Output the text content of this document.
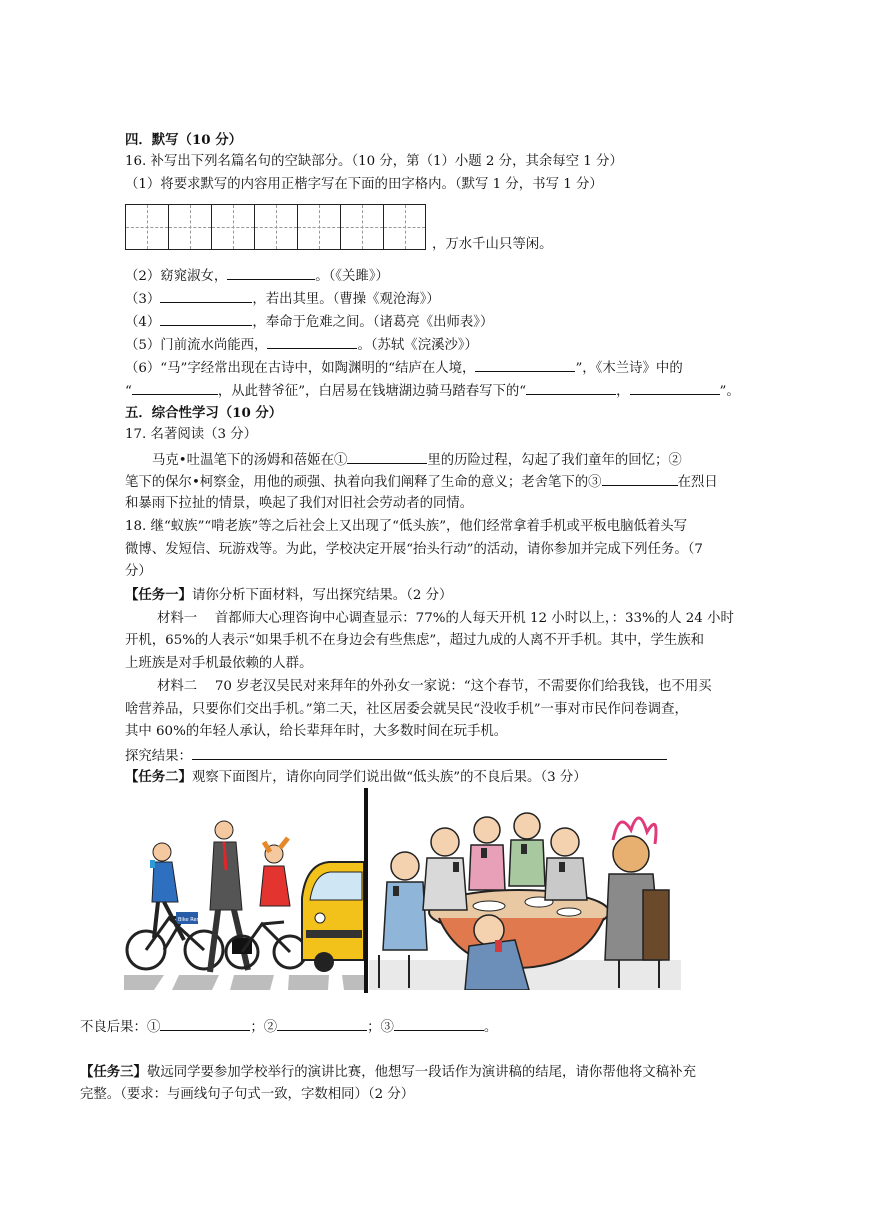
四．默写（10 分）
16. 补写出下列名篇名句的空缺部分。（10 分，第（1）小题 2 分，其余每空 1 分）
（1）将要求默写的内容用正楷字写在下面的田字格内。（默写 1 分，书写 1 分）
，万水千山只等闲。
（2）窈窕淑女，	。（《关雎》）
（3）	，若出其里。（曹操《观沧海》）
（4）	，奉命于危难之间。（诸葛亮《出师表》）
（5）门前流水尚能西，	。（苏轼《浣溪沙》）
（6）“马”字经常出现在古诗中，如陶渊明的“结庐在人境，	”，《木兰诗》中的
“	，从此替爷征”，白居易在钱塘湖边骑马踏春写下的“	，	”。
五．综合性学习（10 分）
17. 名著阅读（3 分）
马克•吐温笔下的汤姆和蓓姬在①	里的历险过程，勾起了我们童年的回忆；②
笔下的保尔•柯察金，用他的顽强、执着向我们阐释了生命的意义；老舍笔下的③	在烈日
和暴雨下拉扯的情景，唤起了我们对旧社会劳动者的同情。
18. 继“蚁族”“啃老族”等之后社会上又出现了“低头族”，他们经常拿着手机或平板电脑低着头写
微博、发短信、玩游戏等。为此，学校决定开展“抬头行动”的活动，请你参加并完成下列任务。（7
分）
【任务一】请你分析下面材料，写出探究结果。（2 分）
材料一　 首都师大心理咨询中心调查显示：77%的人每天开机 12 小时以上，：33%的人 24 小时
开机，65%的人表示“如果手机不在身边会有些焦虑”，超过九成的人离不开手机。其中，学生族和
上班族是对手机最依赖的人群。
材料二　 70 岁老汉吴民对来拜年的外孙女一家说：“这个春节，不需要你们给我钱，也不用买
啥营养品，只要你们交出手机。”第二天，社区居委会就吴民“没收手机”一事对市民作问卷调查，
其中 60%的年轻人承认，给长辈拜年时，大多数时间在玩手机。
探究结果：
【任务二】观察下面图片，请你向同学们说出做“低头族”的不良后果。（3 分）
Bike Rental
不良后果：①	；②	；③	。
【任务三】敬远同学要参加学校举行的演讲比赛，他想写一段话作为演讲稿的结尾，请你帮他将文稿补充
完整。（要求：与画线句子句式一致，字数相同）（2 分）
